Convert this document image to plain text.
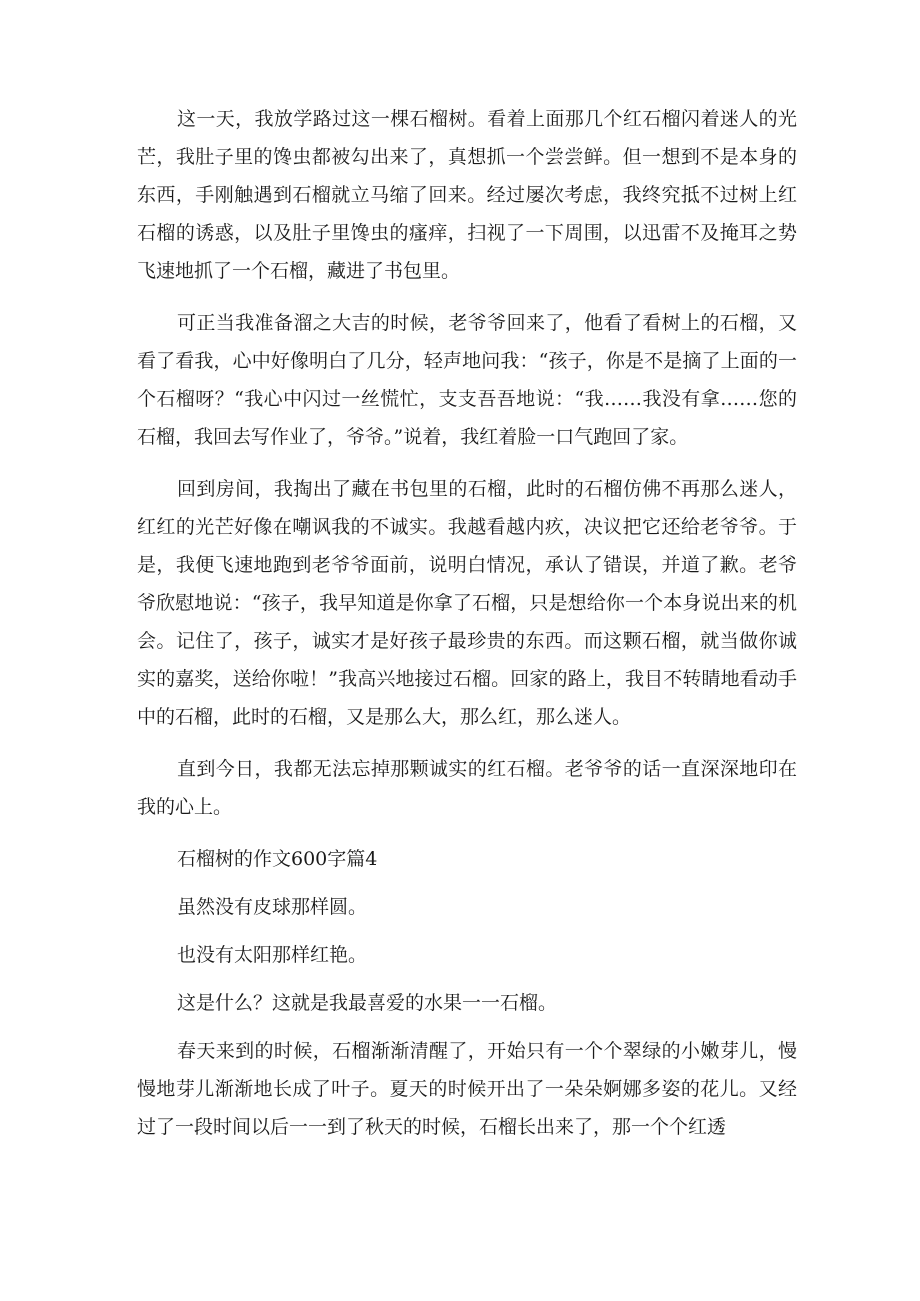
这一天，我放学路过这一棵石榴树。看着上面那几个红石榴闪着迷人的光芒，我肚子里的馋虫都被勾出来了，真想抓一个尝尝鲜。但一想到不是本身的东西，手刚触遇到石榴就立马缩了回来。经过屡次考虑，我终究抵不过树上红石榴的诱惑，以及肚子里馋虫的瘙痒，扫视了一下周围，以迅雷不及掩耳之势飞速地抓了一个石榴，藏进了书包里。

可正当我准备溜之大吉的时候，老爷爷回来了，他看了看树上的石榴，又看了看我，心中好像明白了几分，轻声地问我：“孩子，你是不是摘了上面的一个石榴呀？“我心中闪过一丝慌忙，支支吾吾地说：“我……我没有拿……您的石榴，我回去写作业了，爷爷。”说着，我红着脸一口气跑回了家。

回到房间，我掏出了藏在书包里的石榴，此时的石榴仿佛不再那么迷人，红红的光芒好像在嘲讽我的不诚实。我越看越内疚，决议把它还给老爷爷。于是，我便飞速地跑到老爷爷面前，说明白情况，承认了错误，并道了歉。老爷爷欣慰地说：“孩子，我早知道是你拿了石榴，只是想给你一个本身说出来的机会。记住了，孩子，诚实才是好孩子最珍贵的东西。而这颗石榴，就当做你诚实的嘉奖，送给你啦！”我高兴地接过石榴。回家的路上，我目不转睛地看动手中的石榴，此时的石榴，又是那么大，那么红，那么迷人。

直到今日，我都无法忘掉那颗诚实的红石榴。老爷爷的话一直深深地印在我的心上。

石榴树的作文600字篇4

虽然没有皮球那样圆。

也没有太阳那样红艳。

这是什么？这就是我最喜爱的水果一一石榴。

春天来到的时候，石榴渐渐清醒了，开始只有一个个翠绿的小嫩芽儿，慢慢地芽儿渐渐地长成了叶子。夏天的时候开出了一朵朵婀娜多姿的花儿。又经过了一段时间以后一一到了秋天的时候，石榴长出来了，那一个个红透
